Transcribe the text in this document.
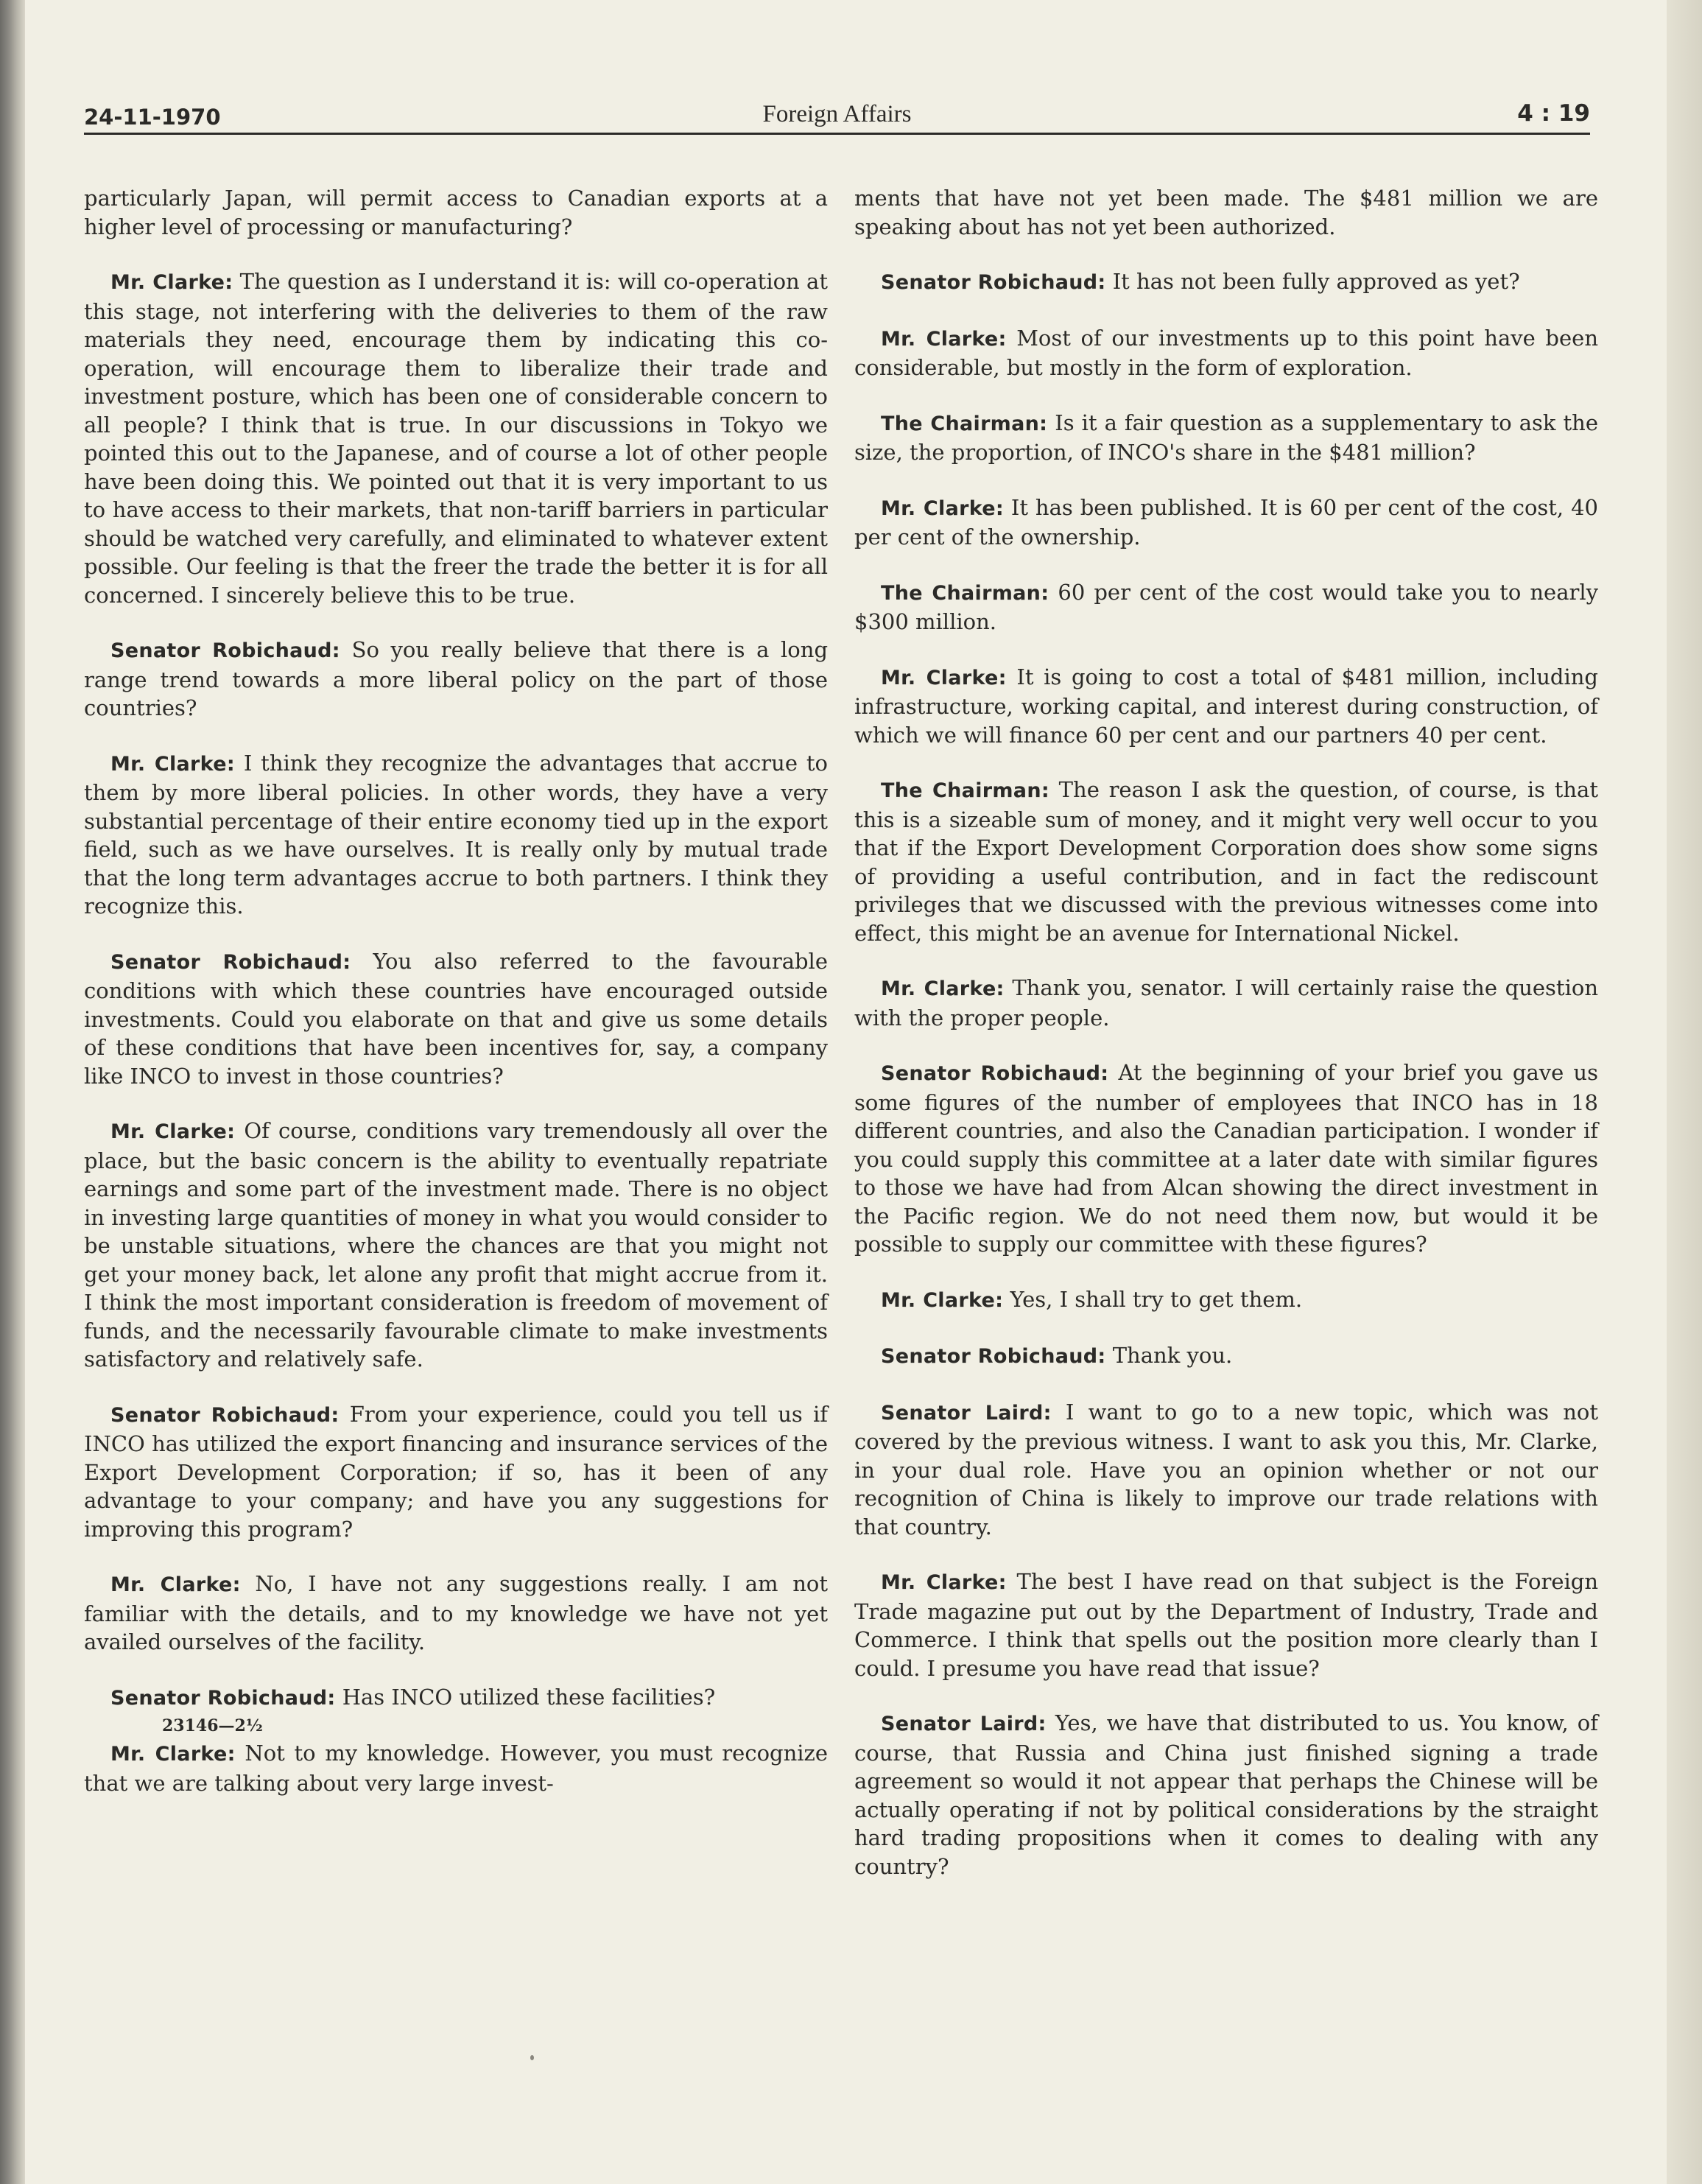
24-11-1970	Foreign Affairs	4 : 19

particularly Japan, will permit access to Canadian exports at a higher level of processing or manufacturing?

Mr. Clarke: The question as I understand it is: will co-operation at this stage, not interfering with the deliveries to them of the raw materials they need, encourage them by indicating this co-operation, will encourage them to liberalize their trade and investment posture, which has been one of considerable concern to all people? I think that is true. In our discussions in Tokyo we pointed this out to the Japanese, and of course a lot of other people have been doing this. We pointed out that it is very important to us to have access to their markets, that non-tariff barriers in particular should be watched very carefully, and eliminated to whatever extent possible. Our feeling is that the freer the trade the better it is for all concerned. I sincerely believe this to be true.

Senator Robichaud: So you really believe that there is a long range trend towards a more liberal policy on the part of those countries?

Mr. Clarke: I think they recognize the advantages that accrue to them by more liberal policies. In other words, they have a very substantial percentage of their entire economy tied up in the export field, such as we have ourselves. It is really only by mutual trade that the long term advantages accrue to both partners. I think they recognize this.

Senator Robichaud: You also referred to the favourable conditions with which these countries have encouraged outside investments. Could you elaborate on that and give us some details of these conditions that have been incentives for, say, a company like INCO to invest in those countries?

Mr. Clarke: Of course, conditions vary tremendously all over the place, but the basic concern is the ability to eventually repatriate earnings and some part of the investment made. There is no object in investing large quantities of money in what you would consider to be unstable situations, where the chances are that you might not get your money back, let alone any profit that might accrue from it. I think the most important consideration is freedom of movement of funds, and the necessarily favourable climate to make investments satisfactory and relatively safe.

Senator Robichaud: From your experience, could you tell us if INCO has utilized the export financing and insurance services of the Export Development Corporation; if so, has it been of any advantage to your company; and have you any suggestions for improving this program?

Mr. Clarke: No, I have not any suggestions really. I am not familiar with the details, and to my knowledge we have not yet availed ourselves of the facility.

Senator Robichaud: Has INCO utilized these facilities?

Mr. Clarke: Not to my knowledge. However, you must recognize that we are talking about very large invest-

ments that have not yet been made. The $481 million we are speaking about has not yet been authorized.

Senator Robichaud: It has not been fully approved as yet?

Mr. Clarke: Most of our investments up to this point have been considerable, but mostly in the form of exploration.

The Chairman: Is it a fair question as a supplementary to ask the size, the proportion, of INCO's share in the $481 million?

Mr. Clarke: It has been published. It is 60 per cent of the cost, 40 per cent of the ownership.

The Chairman: 60 per cent of the cost would take you to nearly $300 million.

Mr. Clarke: It is going to cost a total of $481 million, including infrastructure, working capital, and interest during construction, of which we will finance 60 per cent and our partners 40 per cent.

The Chairman: The reason I ask the question, of course, is that this is a sizeable sum of money, and it might very well occur to you that if the Export Development Corporation does show some signs of providing a useful contribution, and in fact the rediscount privileges that we discussed with the previous witnesses come into effect, this might be an avenue for International Nickel.

Mr. Clarke: Thank you, senator. I will certainly raise the question with the proper people.

Senator Robichaud: At the beginning of your brief you gave us some figures of the number of employees that INCO has in 18 different countries, and also the Canadian participation. I wonder if you could supply this committee at a later date with similar figures to those we have had from Alcan showing the direct investment in the Pacific region. We do not need them now, but would it be possible to supply our committee with these figures?

Mr. Clarke: Yes, I shall try to get them.

Senator Robichaud: Thank you.

Senator Laird: I want to go to a new topic, which was not covered by the previous witness. I want to ask you this, Mr. Clarke, in your dual role. Have you an opinion whether or not our recognition of China is likely to improve our trade relations with that country.

Mr. Clarke: The best I have read on that subject is the Foreign Trade magazine put out by the Department of Industry, Trade and Commerce. I think that spells out the position more clearly than I could. I presume you have read that issue?

Senator Laird: Yes, we have that distributed to us. You know, of course, that Russia and China just finished signing a trade agreement so would it not appear that perhaps the Chinese will be actually operating if not by political considerations by the straight hard trading propositions when it comes to dealing with any country?

23146—2½
